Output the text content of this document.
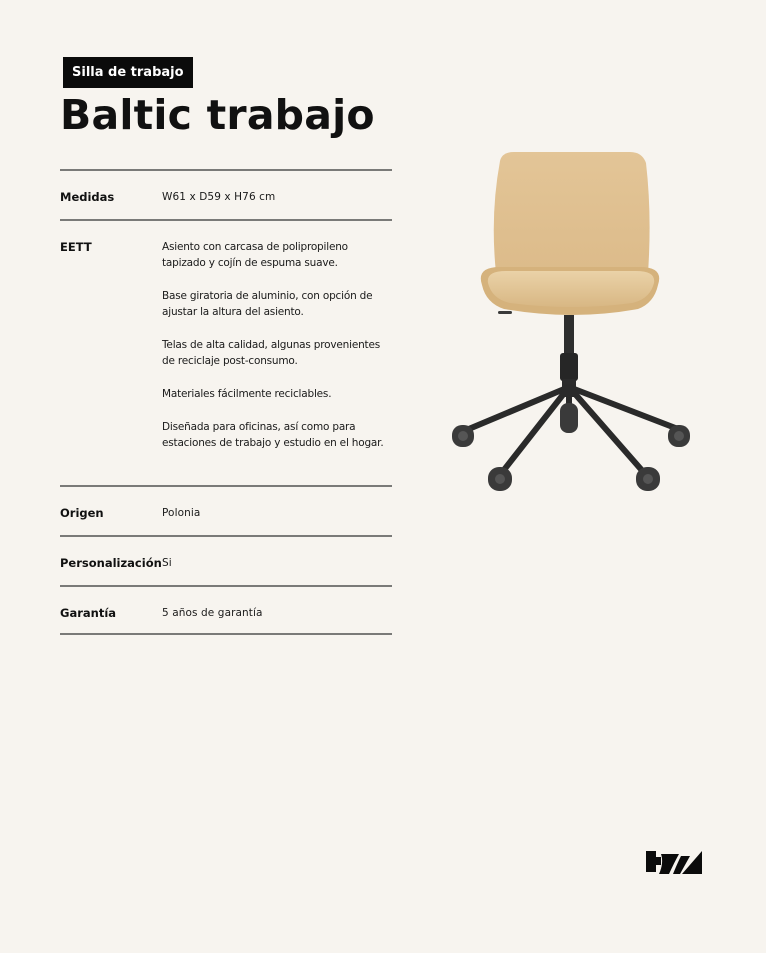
Silla de trabajo
Baltic trabajo
Medidas	W61 x D59 x H76 cm
EETT	Asiento con carcasa de polipropileno tapizado y cojín de espuma suave.

Base giratoria de aluminio, con opción de ajustar la altura del asiento.

Telas de alta calidad, algunas provenientes de reciclaje post-consumo.

Materiales fácilmente reciclables.

Diseñada para oficinas, así como para estaciones de trabajo y estudio en el hogar.

Origen	Polonia
Personalización Si
Garantía	5 años de garantía
